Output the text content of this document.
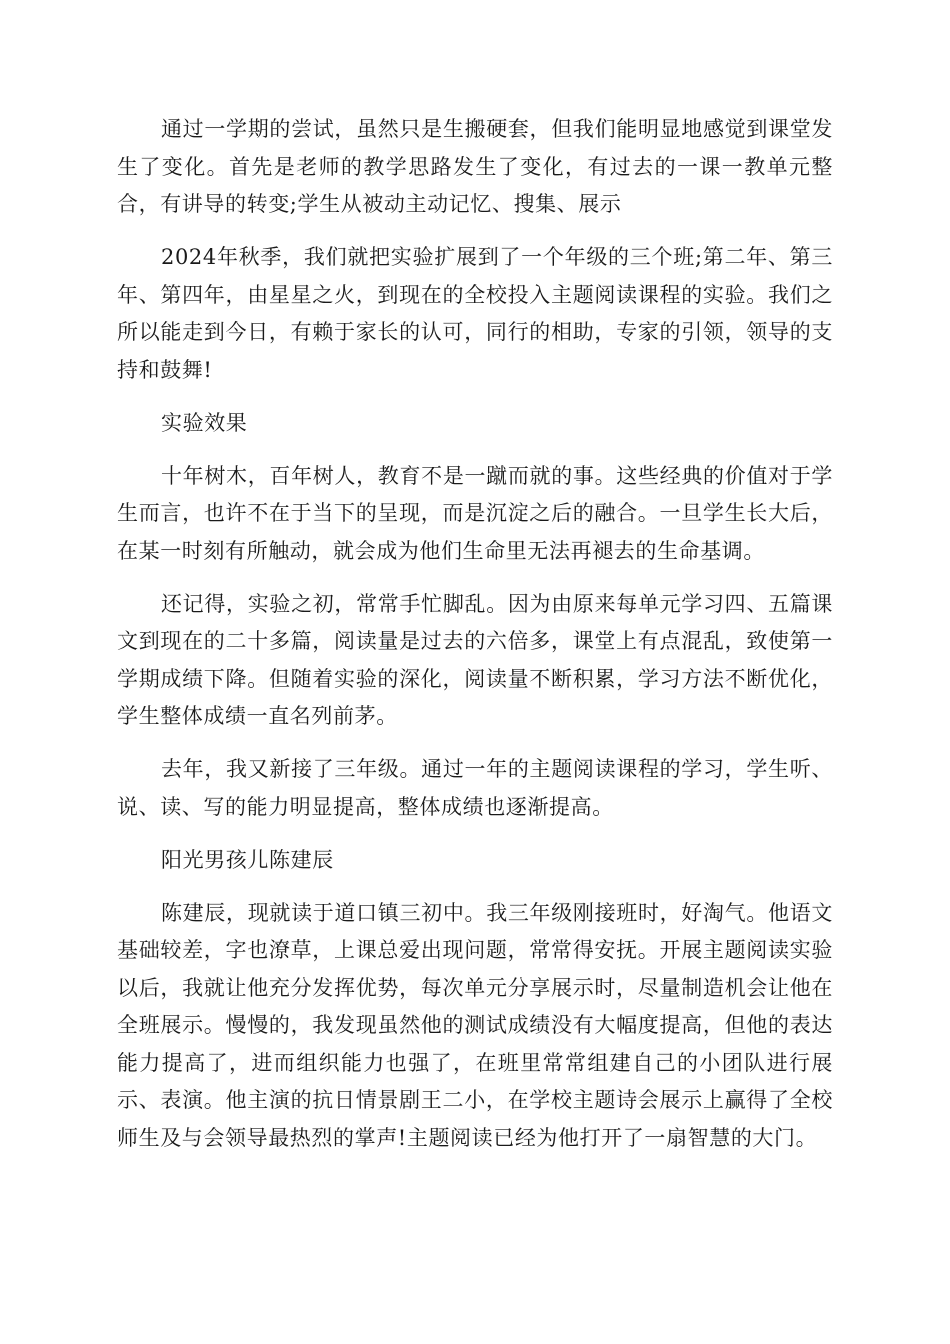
通过一学期的尝试，虽然只是生搬硬套，但我们能明显地感觉到课堂发生了变化。首先是老师的教学思路发生了变化，有过去的一课一教单元整合，有讲导的转变;学生从被动主动记忆、搜集、展示

2024年秋季，我们就把实验扩展到了一个年级的三个班;第二年、第三年、第四年，由星星之火，到现在的全校投入主题阅读课程的实验。我们之所以能走到今日，有赖于家长的认可，同行的相助，专家的引领，领导的支持和鼓舞!

实验效果

十年树木，百年树人，教育不是一蹴而就的事。这些经典的价值对于学生而言，也许不在于当下的呈现，而是沉淀之后的融合。一旦学生长大后，在某一时刻有所触动，就会成为他们生命里无法再褪去的生命基调。

还记得，实验之初，常常手忙脚乱。因为由原来每单元学习四、五篇课文到现在的二十多篇，阅读量是过去的六倍多，课堂上有点混乱，致使第一学期成绩下降。但随着实验的深化，阅读量不断积累，学习方法不断优化，学生整体成绩一直名列前茅。

去年，我又新接了三年级。通过一年的主题阅读课程的学习，学生听、说、读、写的能力明显提高，整体成绩也逐渐提高。

阳光男孩儿陈建辰

陈建辰，现就读于道口镇三初中。我三年级刚接班时，好淘气。他语文基础较差，字也潦草，上课总爱出现问题，常常得安抚。开展主题阅读实验以后，我就让他充分发挥优势，每次单元分享展示时，尽量制造机会让他在全班展示。慢慢的，我发现虽然他的测试成绩没有大幅度提高，但他的表达能力提高了，进而组织能力也强了，在班里常常组建自己的小团队进行展示、表演。他主演的抗日情景剧王二小，在学校主题诗会展示上赢得了全校师生及与会领导最热烈的掌声!主题阅读已经为他打开了一扇智慧的大门。
